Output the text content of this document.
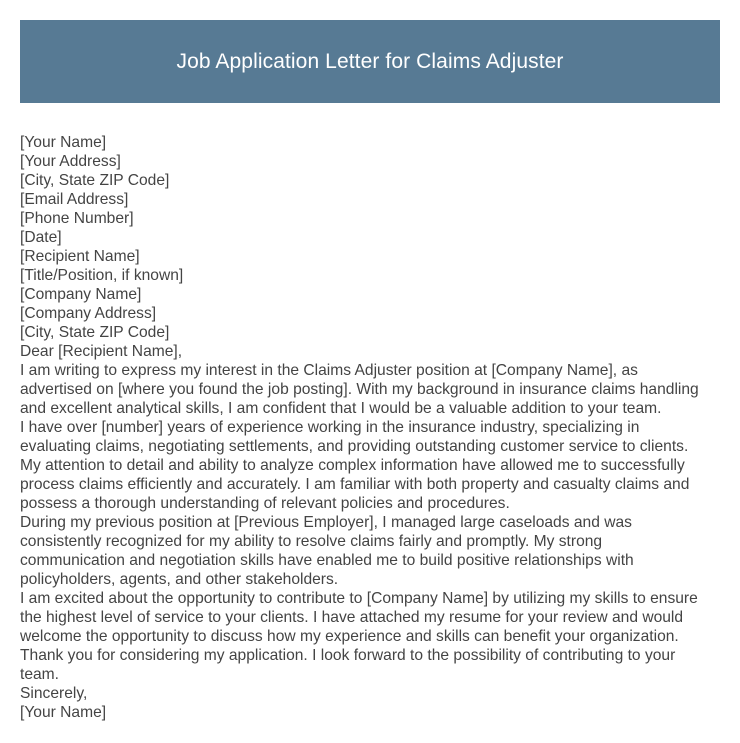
Job Application Letter for Claims Adjuster
[Your Name]
[Your Address]
[City, State ZIP Code]
[Email Address]
[Phone Number]
[Date]
[Recipient Name]
[Title/Position, if known]
[Company Name]
[Company Address]
[City, State ZIP Code]
Dear [Recipient Name],
I am writing to express my interest in the Claims Adjuster position at [Company Name], as
advertised on [where you found the job posting]. With my background in insurance claims handling
and excellent analytical skills, I am confident that I would be a valuable addition to your team.
I have over [number] years of experience working in the insurance industry, specializing in
evaluating claims, negotiating settlements, and providing outstanding customer service to clients.
My attention to detail and ability to analyze complex information have allowed me to successfully
process claims efficiently and accurately. I am familiar with both property and casualty claims and
possess a thorough understanding of relevant policies and procedures.
During my previous position at [Previous Employer], I managed large caseloads and was
consistently recognized for my ability to resolve claims fairly and promptly. My strong
communication and negotiation skills have enabled me to build positive relationships with
policyholders, agents, and other stakeholders.
I am excited about the opportunity to contribute to [Company Name] by utilizing my skills to ensure
the highest level of service to your clients. I have attached my resume for your review and would
welcome the opportunity to discuss how my experience and skills can benefit your organization.
Thank you for considering my application. I look forward to the possibility of contributing to your
team.
Sincerely,
[Your Name]
